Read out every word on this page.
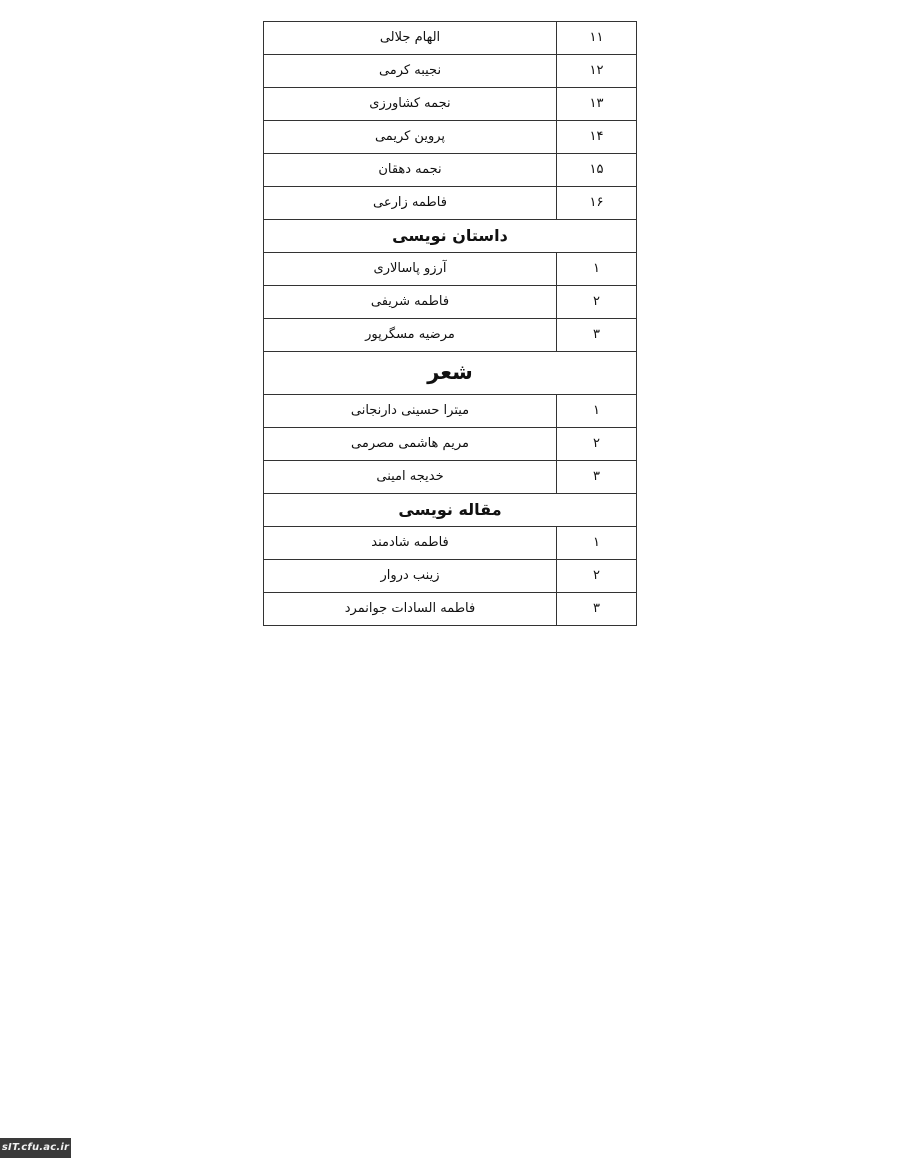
۱۱	الهام جلالی
۱۲	نجیبه کرمی
۱۳	نجمه کشاورزی
۱۴	پروین کریمی
۱۵	نجمه دهقان
۱۶	فاطمه زارعی
داستان نویسی	
۱	آرزو پاسالاری
۲	فاطمه شریفی
۳	مرضیه مسگرپور
شعر	
۱	میترا حسینی دارنجانی
۲	مریم هاشمی مصرمی
۳	خدیجه امینی
مقاله نویسی	
۱	فاطمه شادمند
۲	زینب دروار
۳	فاطمه السادات جوانمرد
sIT.cfu.ac.ir
